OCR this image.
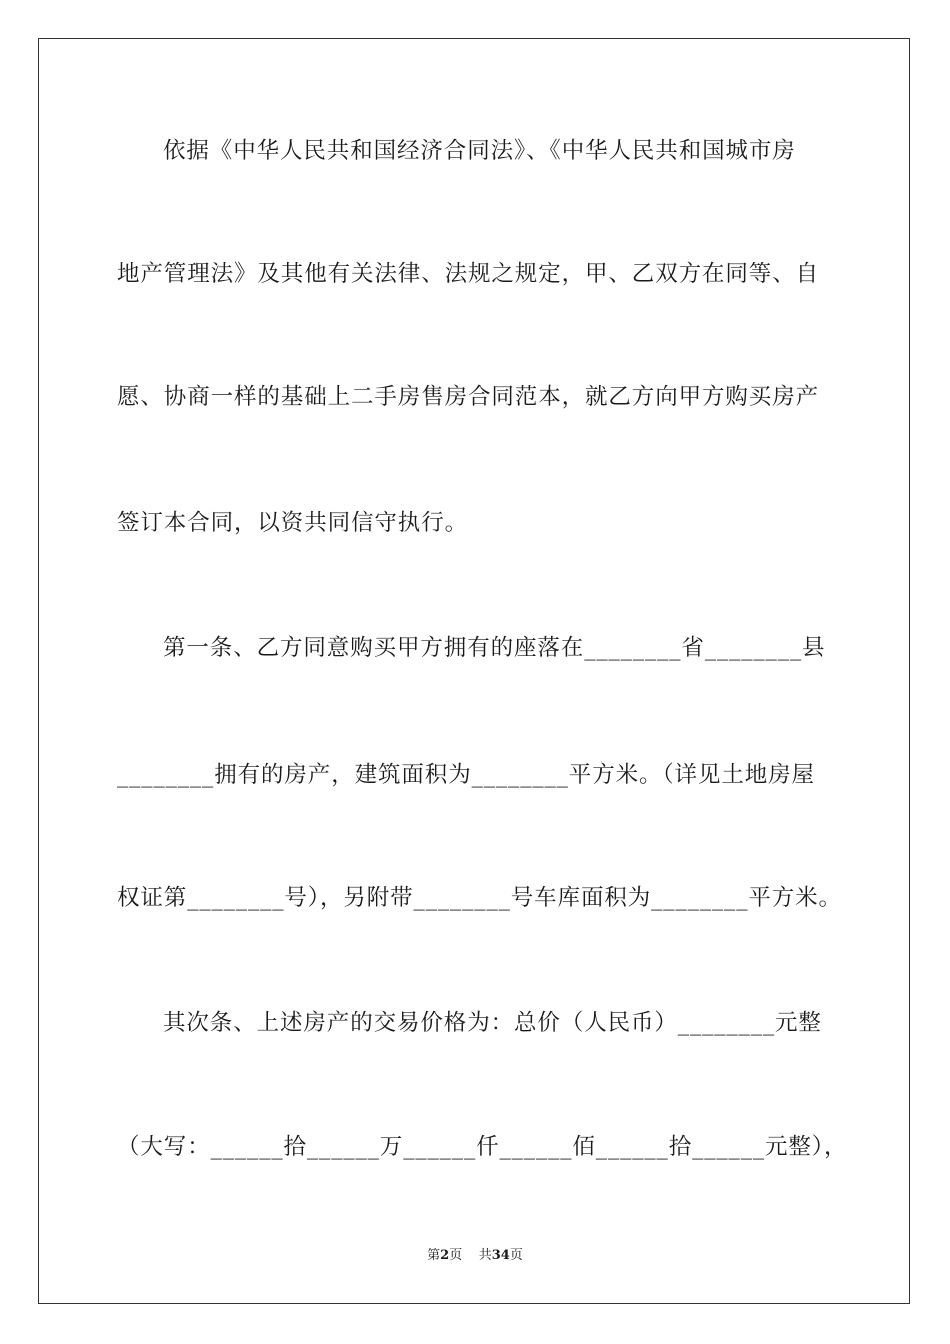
依据《中华人民共和国经济合同法》、《中华人民共和国城市房
地产管理法》及其他有关法律、法规之规定，甲、乙双方在同等、自
愿、协商一样的基础上二手房售房合同范本，就乙方向甲方购买房产
签订本合同，以资共同信守执行。
第一条、乙方同意购买甲方拥有的座落在________省________县
________拥有的房产，建筑面积为________平方米。（详见土地房屋
权证第________号），另附带________号车库面积为________平方米。
其次条、上述房产的交易价格为：总价（人民币）________元整
（大写：______拾______万______仟______佰______拾______元整），
第2页 共34页
